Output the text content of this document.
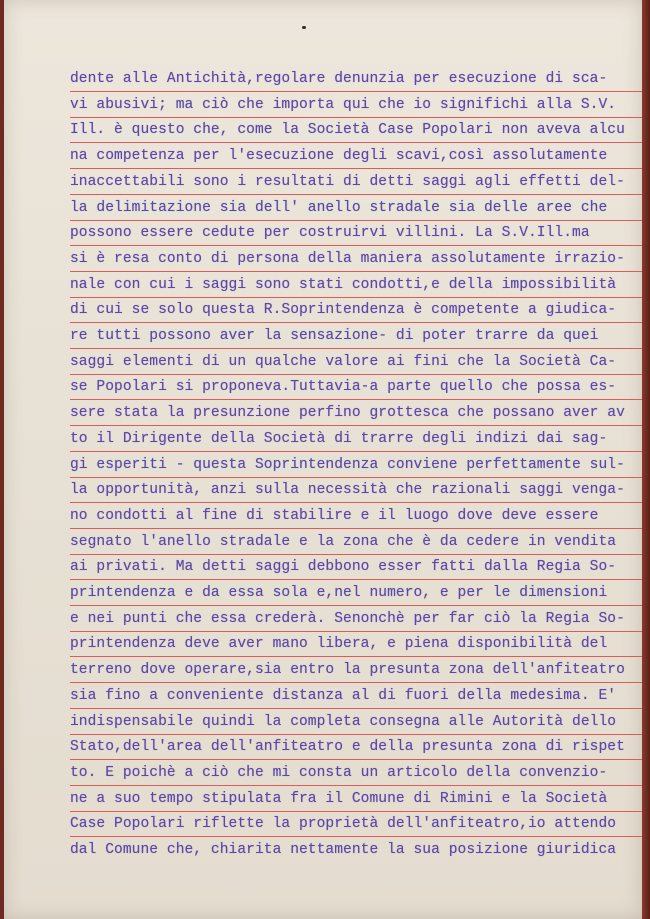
dente alle Antichità,regolare denunzia per esecuzione di sca-
vi abusivi; ma ciò che importa qui che io significhi alla S.V.
Ill. è questo che, come la Società Case Popolari non aveva alcu
na competenza per l'esecuzione degli scavi,così assolutamente
inaccettabili sono i resultati di detti saggi agli effetti del-
la delimitazione sia dell' anello stradale sia delle aree che
possono essere cedute per costruirvi villini. La S.V.Ill.ma
si è resa conto di persona della maniera assolutamente irrazio-
nale con cui i saggi sono stati condotti,e della impossibilità
di cui se solo questa R.Soprintendenza è competente a giudica-
re tutti possono aver la sensazione- di poter trarre da quei
saggi elementi di un qualche valore ai fini che la Società Ca-
se Popolari si proponeva.Tuttavia-a parte quello che possa es-
sere stata la presunzione perfino grottesca che possano aver av
to il Dirigente della Società di trarre degli indizi dai sag-
gi esperiti - questa Soprintendenza conviene perfettamente sul-
la opportunità, anzi sulla necessità che razionali saggi venga-
no condotti al fine di stabilire e il luogo dove deve essere
segnato l'anello stradale e la zona che è da cedere in vendita
ai privati. Ma detti saggi debbono esser fatti dalla Regia So-
printendenza e da essa sola e,nel numero, e per le dimensioni
e nei punti che essa crederà. Senonchè per far ciò la Regia So-
printendenza deve aver mano libera, e piena disponibilità del
terreno dove operare,sia entro la presunta zona dell'anfiteatro
sia fino a conveniente distanza al di fuori della medesima. E'
indispensabile quindi la completa consegna alle Autorità dello
Stato,dell'area dell'anfiteatro e della presunta zona di rispet
to. E poichè a ciò che mi consta un articolo della convenzio-
ne a suo tempo stipulata fra il Comune di Rimini e la Società
Case Popolari riflette la proprietà dell'anfiteatro,io attendo
dal Comune che, chiarita nettamente la sua posizione giuridica
